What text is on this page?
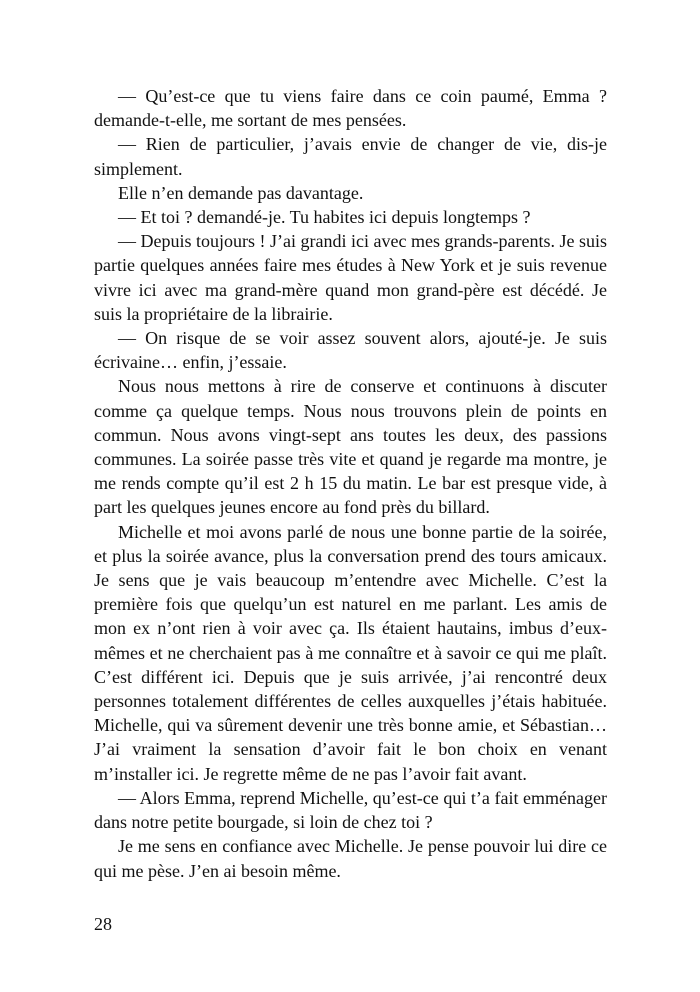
— Qu’est-ce que tu viens faire dans ce coin paumé, Emma ? demande-t-elle, me sortant de mes pensées.

— Rien de particulier, j’avais envie de changer de vie, dis-je simplement.

Elle n’en demande pas davantage.

— Et toi ? demandé-je. Tu habites ici depuis longtemps ?

— Depuis toujours ! J’ai grandi ici avec mes grands-parents. Je suis partie quelques années faire mes études à New York et je suis revenue vivre ici avec ma grand-mère quand mon grand-père est décédé. Je suis la propriétaire de la librairie.

— On risque de se voir assez souvent alors, ajouté-je. Je suis écrivaine… enfin, j’essaie.

Nous nous mettons à rire de conserve et continuons à discuter comme ça quelque temps. Nous nous trouvons plein de points en commun. Nous avons vingt-sept ans toutes les deux, des passions communes. La soirée passe très vite et quand je regarde ma montre, je me rends compte qu’il est 2 h 15 du matin. Le bar est presque vide, à part les quelques jeunes encore au fond près du billard.

Michelle et moi avons parlé de nous une bonne partie de la soirée, et plus la soirée avance, plus la conversation prend des tours amicaux. Je sens que je vais beaucoup m’entendre avec Michelle. C’est la première fois que quelqu’un est naturel en me parlant. Les amis de mon ex n’ont rien à voir avec ça. Ils étaient hautains, imbus d’eux-mêmes et ne cherchaient pas à me connaître et à savoir ce qui me plaît. C’est différent ici. Depuis que je suis arrivée, j’ai rencontré deux personnes totalement différentes de celles auxquelles j’étais habituée. Michelle, qui va sûrement devenir une très bonne amie, et Sébastian… J’ai vraiment la sensation d’avoir fait le bon choix en venant m’installer ici. Je regrette même de ne pas l’avoir fait avant.

— Alors Emma, reprend Michelle, qu’est-ce qui t’a fait emménager dans notre petite bourgade, si loin de chez toi ?

Je me sens en confiance avec Michelle. Je pense pouvoir lui dire ce qui me pèse. J’en ai besoin même.

28
